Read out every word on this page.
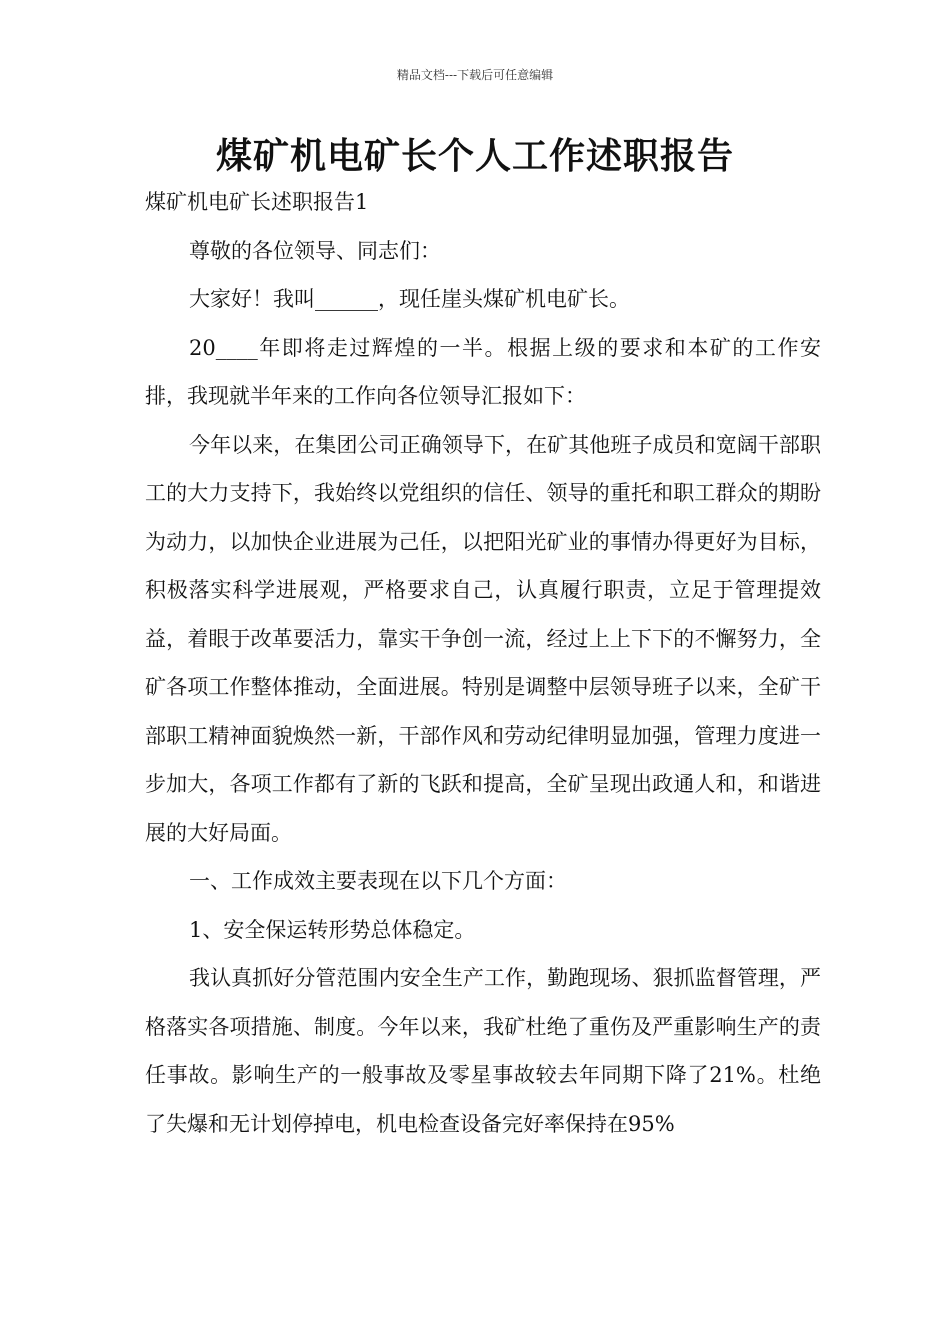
精品文档---下载后可任意编辑
煤矿机电矿长个人工作述职报告

煤矿机电矿长述职报告1

尊敬的各位领导、同志们：

大家好！我叫______，现任崖头煤矿机电矿长。

20____年即将走过辉煌的一半。根据上级的要求和本矿的工作安排，我现就半年来的工作向各位领导汇报如下：

今年以来，在集团公司正确领导下，在矿其他班子成员和宽阔干部职工的大力支持下，我始终以党组织的信任、领导的重托和职工群众的期盼为动力，以加快企业进展为己任，以把阳光矿业的事情办得更好为目标，积极落实科学进展观，严格要求自己，认真履行职责，立足于管理提效益，着眼于改革要活力，靠实干争创一流，经过上上下下的不懈努力，全矿各项工作整体推动，全面进展。特别是调整中层领导班子以来，全矿干部职工精神面貌焕然一新，干部作风和劳动纪律明显加强，管理力度进一步加大，各项工作都有了新的飞跃和提高，全矿呈现出政通人和，和谐进展的大好局面。

一、工作成效主要表现在以下几个方面：

1、安全保运转形势总体稳定。

我认真抓好分管范围内安全生产工作，勤跑现场、狠抓监督管理，严格落实各项措施、制度。今年以来，我矿杜绝了重伤及严重影响生产的责任事故。影响生产的一般事故及零星事故较去年同期下降了21%。杜绝了失爆和无计划停掉电，机电检查设备完好率保持在95%
